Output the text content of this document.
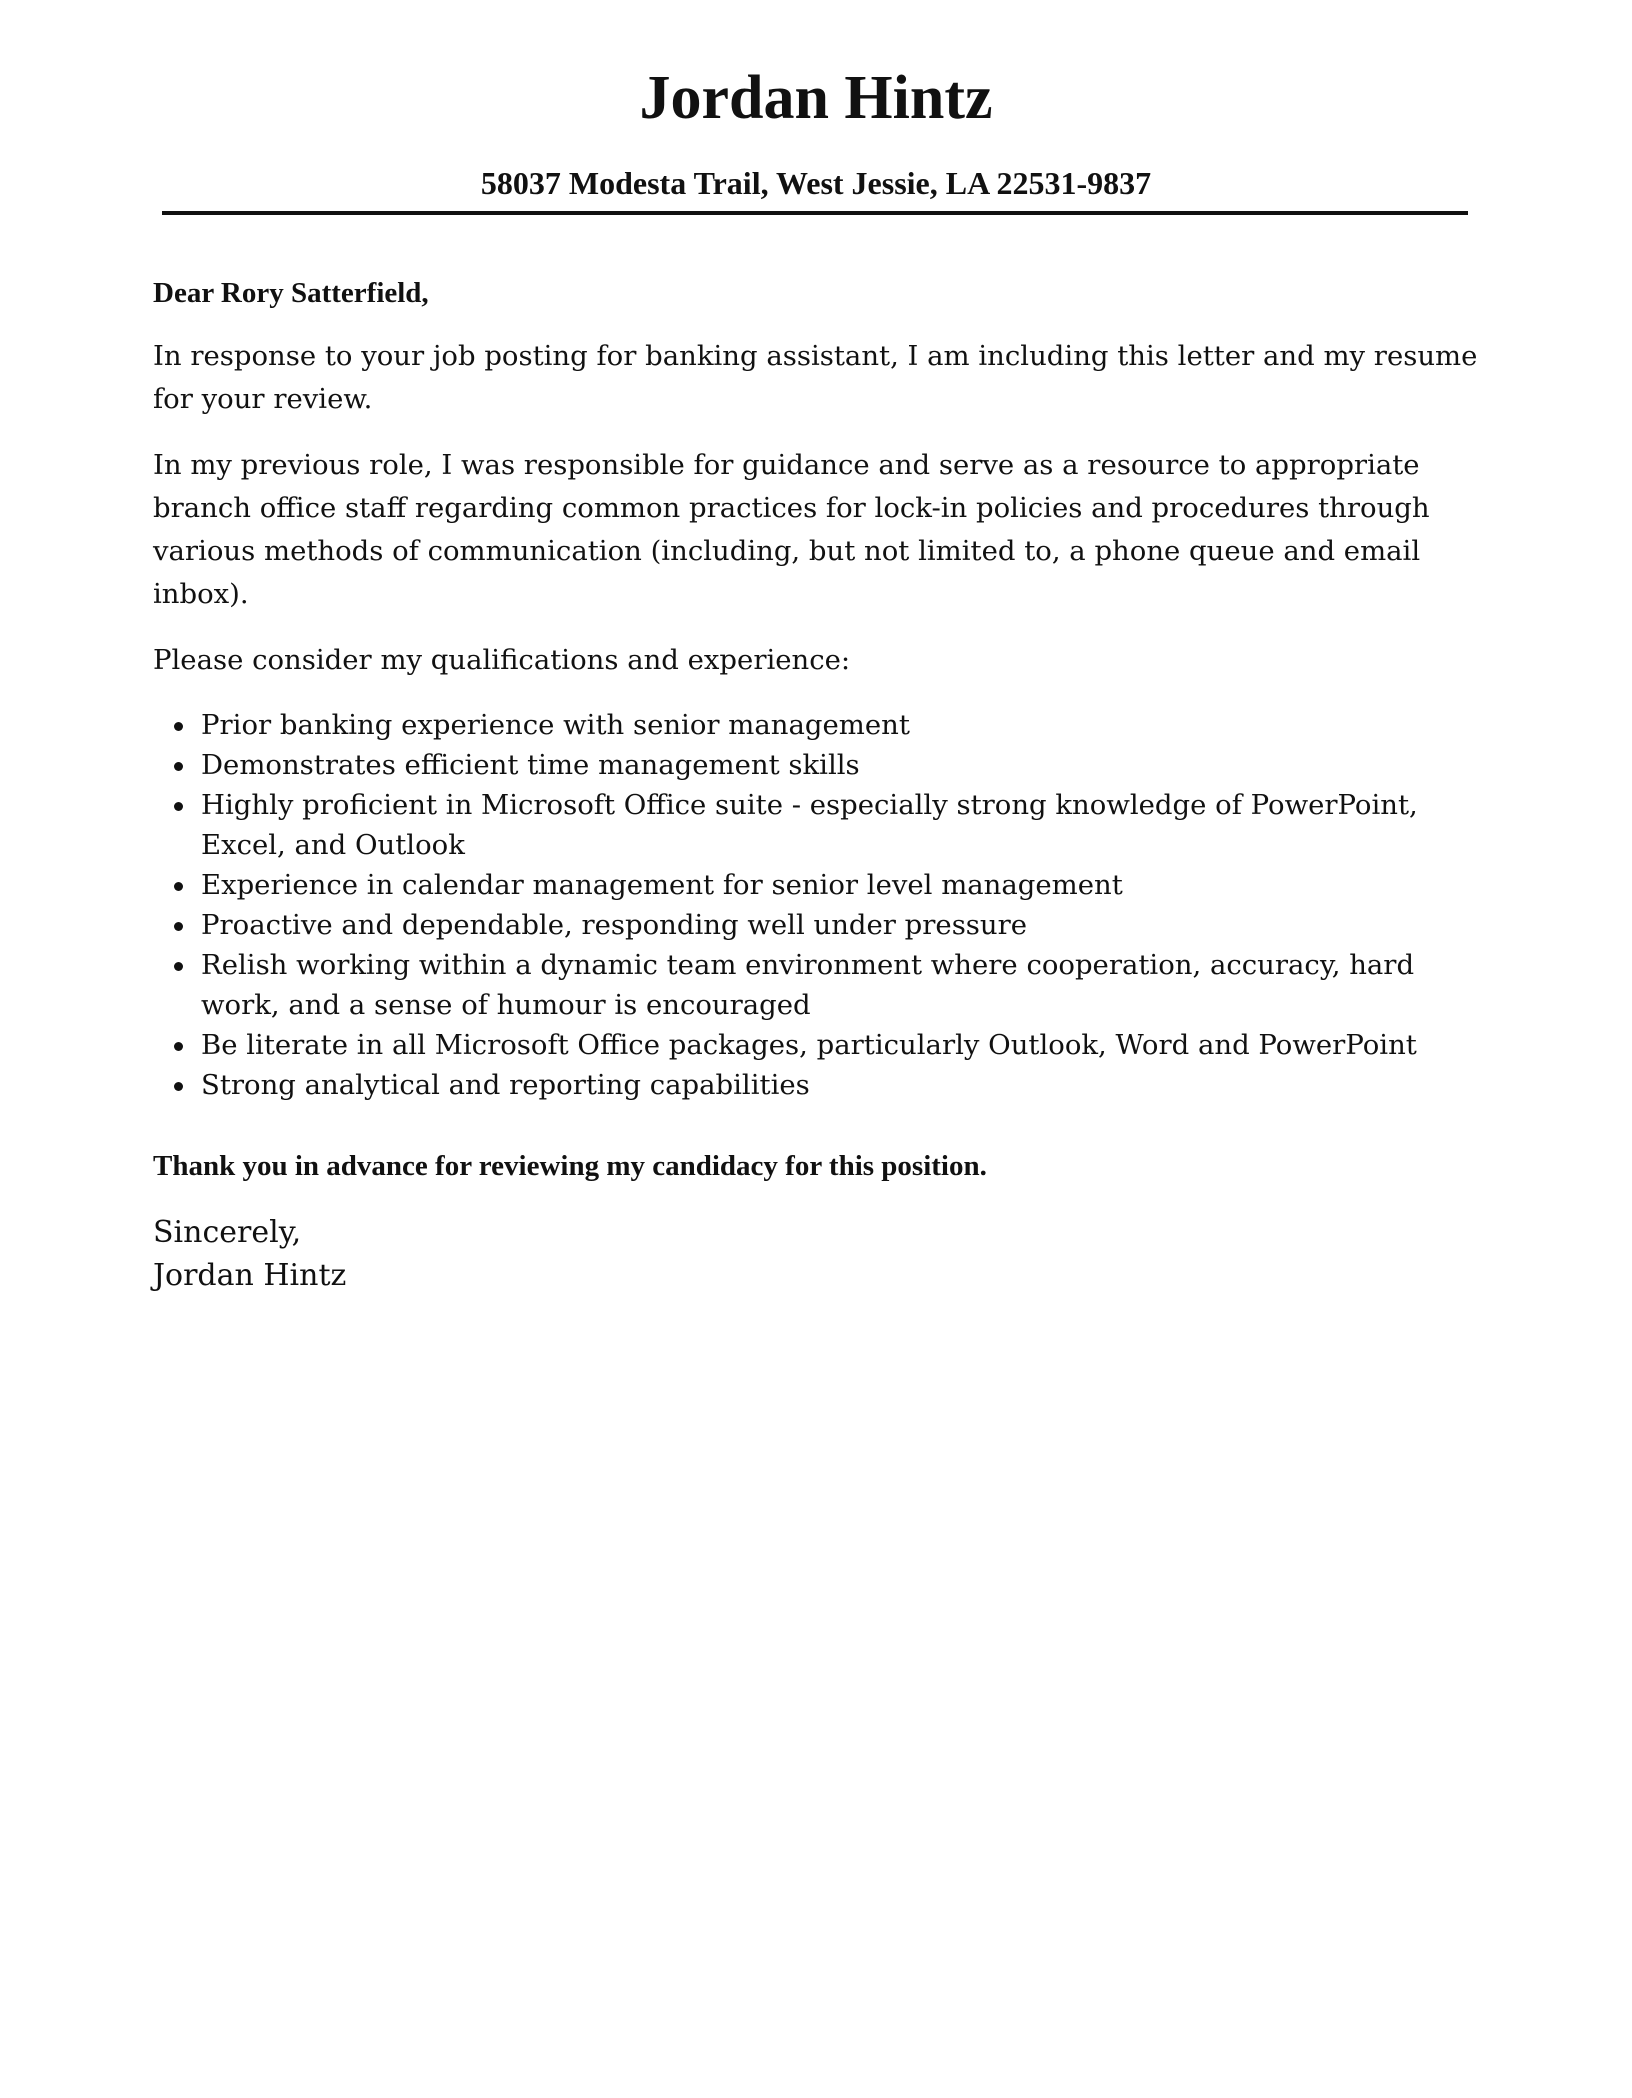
Jordan Hintz
58037 Modesta Trail, West Jessie, LA 22531-9837

Dear Rory Satterfield,

In response to your job posting for banking assistant, I am including this letter and my resume for your review.

In my previous role, I was responsible for guidance and serve as a resource to appropriate branch office staff regarding common practices for lock-in policies and procedures through various methods of communication (including, but not limited to, a phone queue and email inbox).

Please consider my qualifications and experience:

Prior banking experience with senior management
Demonstrates efficient time management skills
Highly proficient in Microsoft Office suite - especially strong knowledge of PowerPoint, Excel, and Outlook
Experience in calendar management for senior level management
Proactive and dependable, responding well under pressure
Relish working within a dynamic team environment where cooperation, accuracy, hard work, and a sense of humour is encouraged
Be literate in all Microsoft Office packages, particularly Outlook, Word and PowerPoint
Strong analytical and reporting capabilities

Thank you in advance for reviewing my candidacy for this position.

Sincerely,
Jordan Hintz
